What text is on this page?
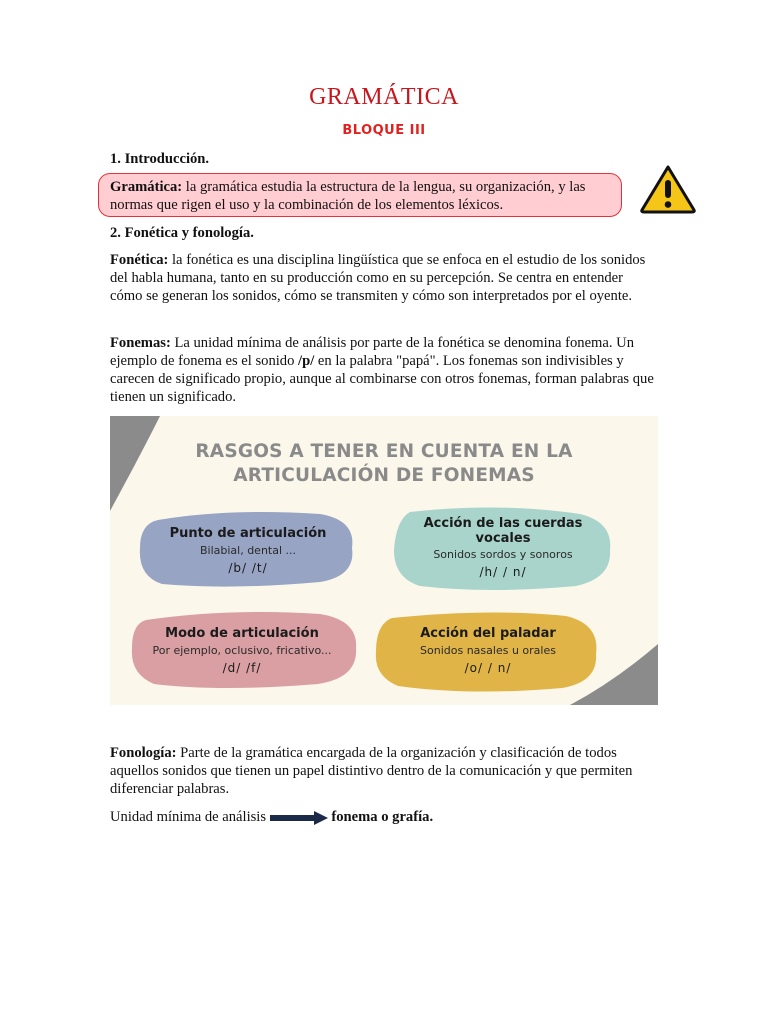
GRAMÁTICA
BLOQUE III
1. Introducción.
Gramática: la gramática estudia la estructura de la lengua, su organización, y las normas que rigen el uso y la combinación de los elementos léxicos.
2. Fonética y fonología.
Fonética: la fonética es una disciplina lingüística que se enfoca en el estudio de los sonidos del habla humana, tanto en su producción como en su percepción. Se centra en entender cómo se generan los sonidos, cómo se transmiten y cómo son interpretados por el oyente.
Fonemas: La unidad mínima de análisis por parte de la fonética se denomina fonema. Un ejemplo de fonema es el sonido /p/ en la palabra "papá". Los fonemas son indivisibles y carecen de significado propio, aunque al combinarse con otros fonemas, forman palabras que tienen un significado.
Fonología: Parte de la gramática encargada de la organización y clasificación de todos aquellos sonidos que tienen un papel distintivo dentro de la comunicación y que permiten diferenciar palabras.
Unidad mínima de análisis	fonema o grafía.
RASGOS A TENER EN CUENTA EN LA
ARTICULACIÓN DE FONEMAS
Punto de articulación
Bilabial, dental ...
/b/ /t/
Acción de las cuerdas vocales
Sonidos sordos y sonoros
/h/ / n/
Modo de articulación
Por ejemplo, oclusivo, fricativo...
/d/ /f/
Acción del paladar
Sonidos nasales u orales
/o/ / n/
